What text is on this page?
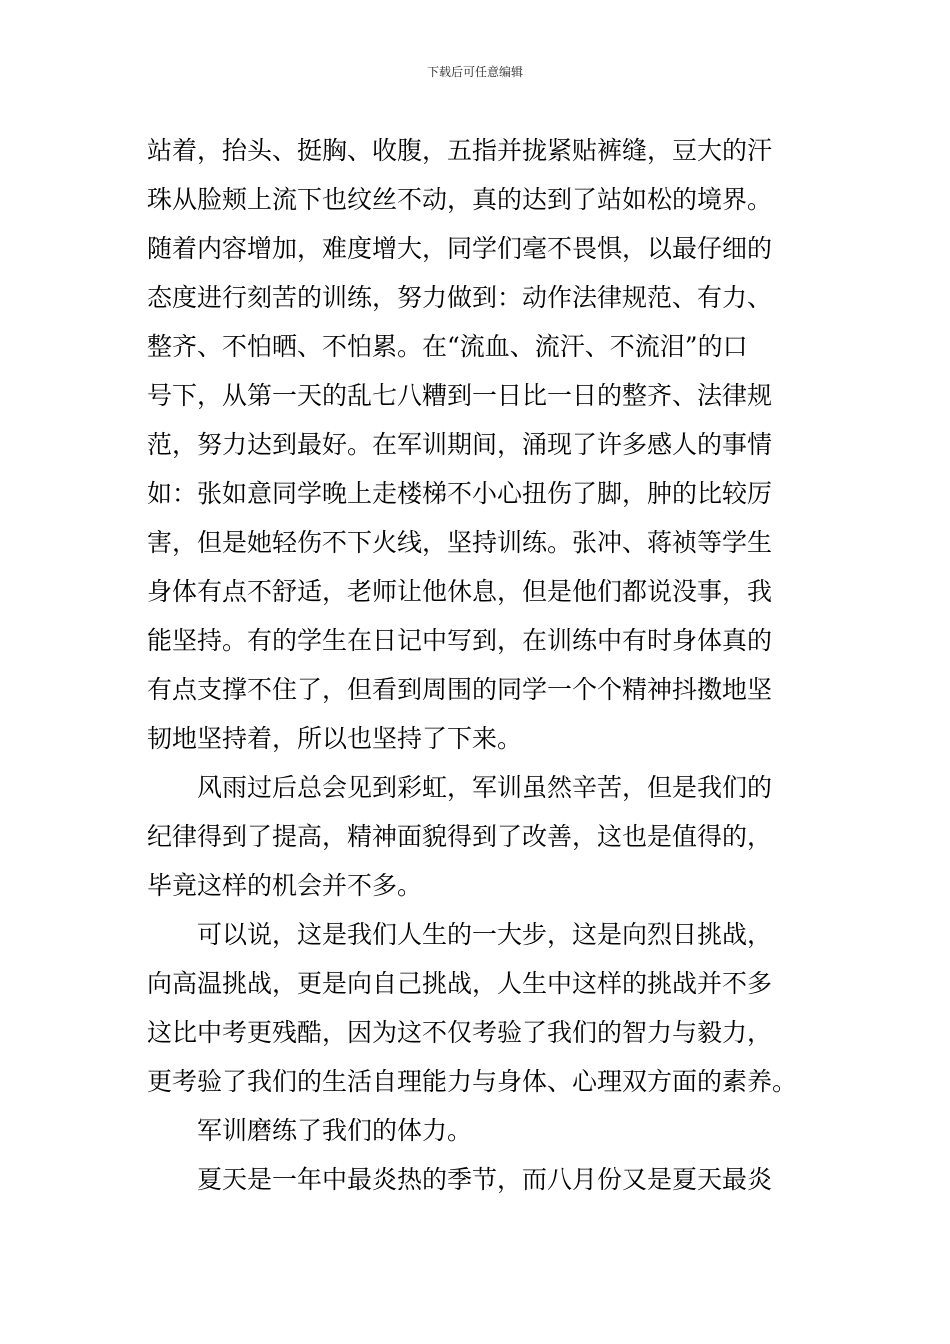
下载后可任意编辑
站着，抬头、挺胸、收腹，五指并拢紧贴裤缝，豆大的汗
珠从脸颊上流下也纹丝不动，真的达到了站如松的境界。
随着内容增加，难度增大，同学们毫不畏惧，以最仔细的
态度进行刻苦的训练，努力做到：动作法律规范、有力、
整齐、不怕晒、不怕累。在“流血、流汗、不流泪”的口
号下，从第一天的乱七八糟到一日比一日的整齐、法律规
范，努力达到最好。在军训期间，涌现了许多感人的事情
如：张如意同学晚上走楼梯不小心扭伤了脚，肿的比较厉
害，但是她轻伤不下火线，坚持训练。张冲、蒋祯等学生
身体有点不舒适，老师让他休息，但是他们都说没事，我
能坚持。有的学生在日记中写到，在训练中有时身体真的
有点支撑不住了，但看到周围的同学一个个精神抖擞地坚
韧地坚持着，所以也坚持了下来。
风雨过后总会见到彩虹，军训虽然辛苦，但是我们的
纪律得到了提高，精神面貌得到了改善，这也是值得的，
毕竟这样的机会并不多。
可以说，这是我们人生的一大步，这是向烈日挑战，
向高温挑战，更是向自己挑战，人生中这样的挑战并不多
这比中考更残酷，因为这不仅考验了我们的智力与毅力，
更考验了我们的生活自理能力与身体、心理双方面的素养。
军训磨练了我们的体力。
夏天是一年中最炎热的季节，而八月份又是夏天最炎
